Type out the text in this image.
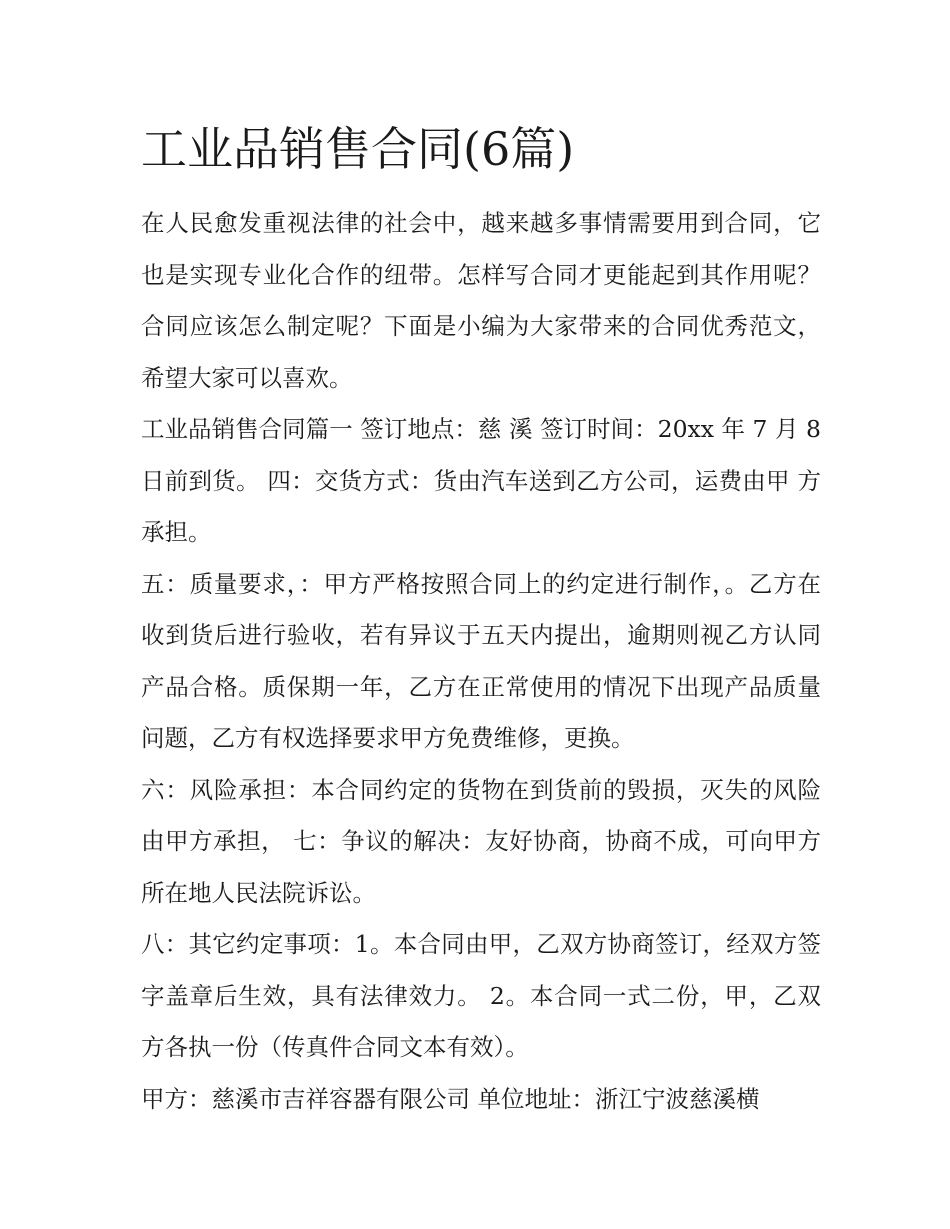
工业品销售合同(6篇)

在人民愈发重视法律的社会中，越来越多事情需要用到合同，它也是实现专业化合作的纽带。怎样写合同才更能起到其作用呢？合同应该怎么制定呢？下面是小编为大家带来的合同优秀范文，希望大家可以喜欢。

工业品销售合同篇一 签订地点：慈 溪 签订时间：20xx 年 7 月 8 日前到货。 四：交货方式：货由汽车送到乙方公司，运费由甲 方承担。

五：质量要求，：甲方严格按照合同上的约定进行制作，。乙方在收到货后进行验收，若有异议于五天内提出，逾期则视乙方认同产品合格。质保期一年，乙方在正常使用的情况下出现产品质量问题，乙方有权选择要求甲方免费维修，更换。

六：风险承担：本合同约定的货物在到货前的毁损，灭失的风险由甲方承担， 七：争议的解决：友好协商，协商不成，可向甲方所在地人民法院诉讼。

八：其它约定事项：1。本合同由甲，乙双方协商签订，经双方签字盖章后生效，具有法律效力。 2。本合同一式二份，甲，乙双方各执一份（传真件合同文本有效）。

甲方：慈溪市吉祥容器有限公司 单位地址：浙江宁波慈溪横
